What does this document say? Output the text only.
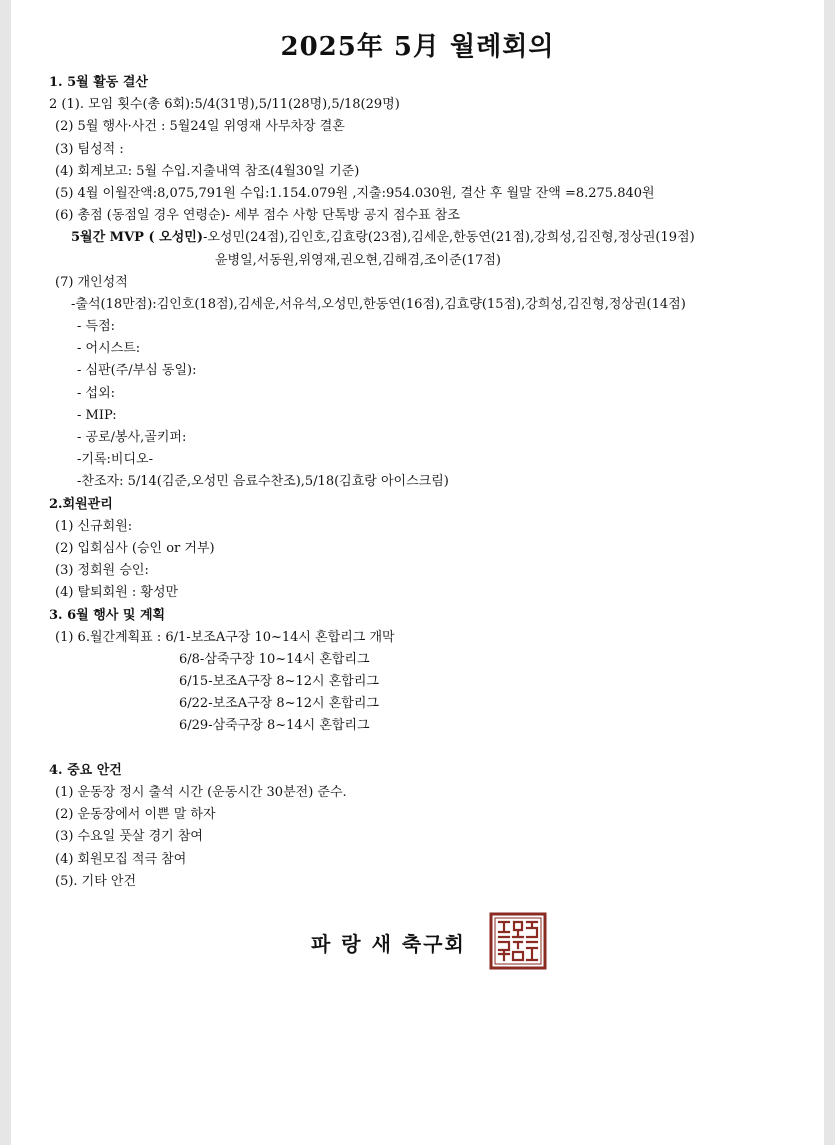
2025年 5月 월례회의
1. 5월 활동 결산
2 (1). 모임 횟수(총 6회):5/4(31명),5/11(28명),5/18(29명)
(2) 5월 행사·사건 : 5월24일 위영재 사무차장 결혼
(3) 팀성적 :
(4) 회계보고: 5월 수입.지출내역 참조(4월30일 기준)
(5) 4월 이월잔액:8,075,791원 수입:1.154.079원 ,지출:954.030원, 결산 후 월말 잔액 =8.275.840원
(6) 총점 (동점일 경우 연령순)- 세부 점수 사항 단톡방 공지 점수표 참조
5월간 MVP ( 오성민)-오성민(24점),김인호,김효랑(23점),김세운,한동연(21점),강희성,김진형,정상권(19점)
윤병일,서동원,위영재,권오현,김해겸,조이준(17점)
(7) 개인성적
-출석(18만점):김인호(18점),김세운,서유석,오성민,한동연(16점),김효량(15점),강희성,김진형,정상권(14점)
- 득점:
- 어시스트:
- 심판(주/부심 동일):
- 섭외:
- MIP:
- 공로/봉사,골키퍼:
-기록:비디오-
-찬조자: 5/14(김준,오성민 음료수찬조),5/18(김효랑 아이스크림)
2.회원관리
(1) 신규회원:
(2) 입회심사 (승인 or 거부)
(3) 정회원 승인:
(4) 탈퇴회원 : 황성만
3. 6월 행사 및 계획
(1) 6.월간계획표 : 6/1-보조A구장 10~14시 혼합리그 개막
6/8-삼죽구장 10~14시 혼합리그
6/15-보조A구장 8~12시 혼합리그
6/22-보조A구장 8~12시 혼합리그
6/29-삼죽구장 8~14시 혼합리그
4. 중요 안건
(1) 운동장 정시 출석 시간 (운동시간 30분전) 준수.
(2) 운동장에서 이쁜 말 하자
(3) 수요일 풋살 경기 참여
(4) 회원모집 적극 참여
(5). 기타 안건
파 랑 새 축구회
